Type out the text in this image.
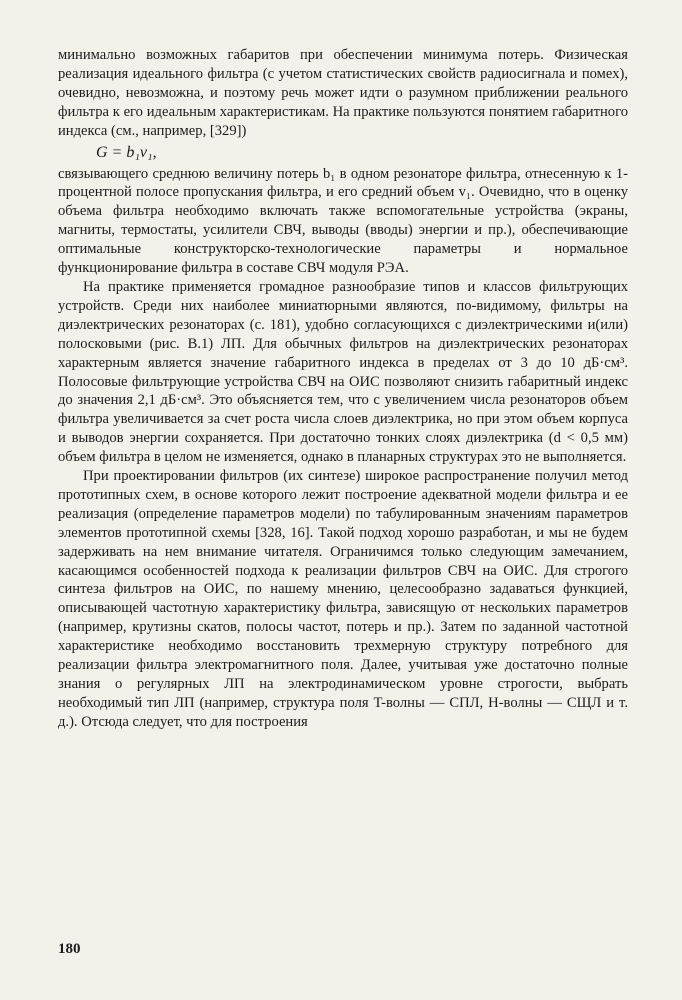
минимально возможных габаритов при обеспечении минимума потерь. Физическая реализация идеального фильтра (с учетом статистических свойств радиосигнала и помех), очевидно, невозможна, и поэтому речь может идти о разумном приближении реального фильтра к его идеальным характеристикам. На практике пользуются понятием габаритного индекса (см., например, [329])

G = b₁v₁,

связывающего среднюю величину потерь b₁ в одном резонаторе фильтра, отнесенную к 1-процентной полосе пропускания фильтра, и его средний объем v₁. Очевидно, что в оценку объема фильтра необходимо включать также вспомогательные устройства (экраны, магниты, термостаты, усилители СВЧ, выводы (вводы) энергии и пр.), обеспечивающие оптимальные конструкторско-технологические параметры и нормальное функционирование фильтра в составе СВЧ модуля РЭА.

На практике применяется громадное разнообразие типов и классов фильтрующих устройств. Среди них наиболее миниатюрными являются, по-видимому, фильтры на диэлектрических резонаторах (с. 181), удобно согласующихся с диэлектрическими и(или) полосковыми (рис. В.1) ЛП. Для обычных фильтров на диэлектрических резонаторах характерным является значение габаритного индекса в пределах от 3 до 10 дБ·см³. Полосовые фильтрующие устройства СВЧ на ОИС позволяют снизить габаритный индекс до значения 2,1 дБ·см³. Это объясняется тем, что с увеличением числа резонаторов объем фильтра увеличивается за счет роста числа слоев диэлектрика, но при этом объем корпуса и выводов энергии сохраняется. При достаточно тонких слоях диэлектрика (d < 0,5 мм) объем фильтра в целом не изменяется, однако в планарных структурах это не выполняется.

При проектировании фильтров (их синтезе) широкое распространение получил метод прототипных схем, в основе которого лежит построение адекватной модели фильтра и ее реализация (определение параметров модели) по табулированным значениям параметров элементов прототипной схемы [328, 16]. Такой подход хорошо разработан, и мы не будем задерживать на нем внимание читателя. Ограничимся только следующим замечанием, касающимся особенностей подхода к реализации фильтров СВЧ на ОИС. Для строгого синтеза фильтров на ОИС, по нашему мнению, целесообразно задаваться функцией, описывающей частотную характеристику фильтра, зависящую от нескольких параметров (например, крутизны скатов, полосы частот, потерь и пр.). Затем по заданной частотной характеристике необходимо восстановить трехмерную структуру потребного для реализации фильтра электромагнитного поля. Далее, учитывая уже достаточно полные знания о регулярных ЛП на электродинамическом уровне строгости, выбрать необходимый тип ЛП (например, структура поля T-волны — СПЛ, H-волны — СЩЛ и т. д.). Отсюда следует, что для построения

180
